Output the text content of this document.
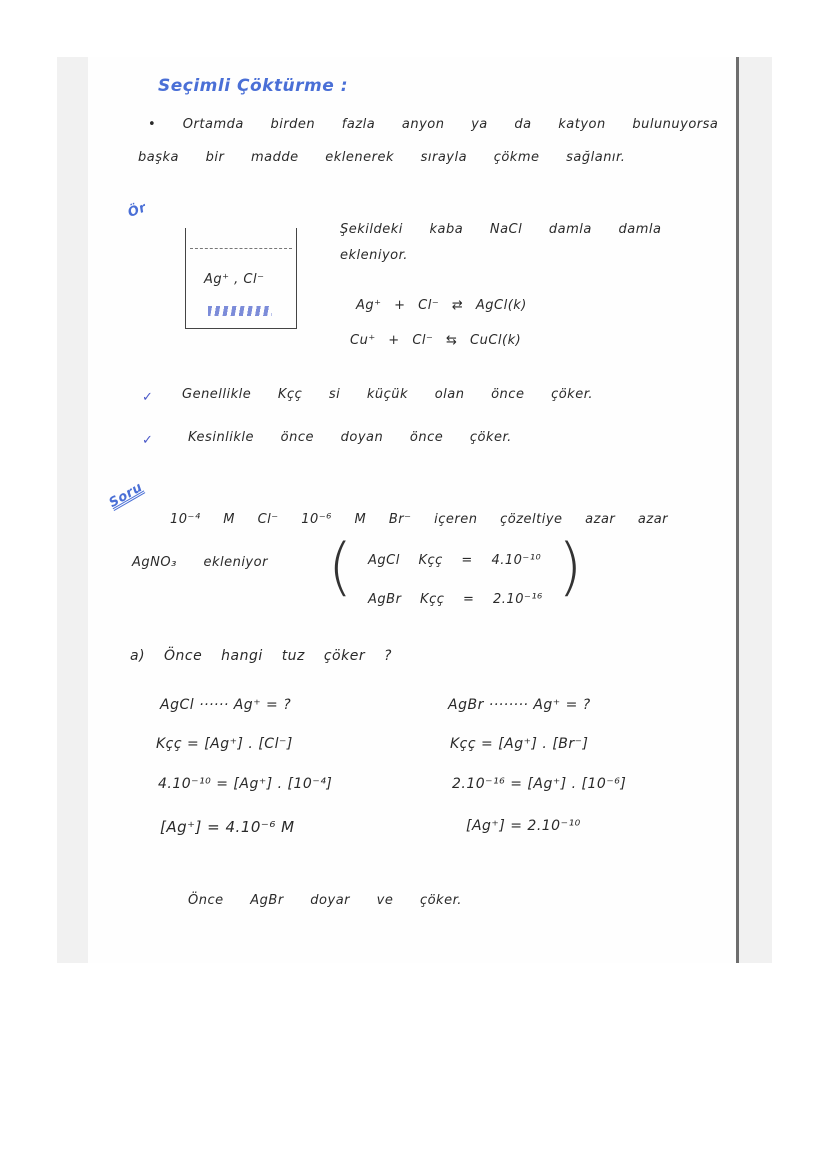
Seçimli Çöktürme :
• Ortamda birden fazla anyon ya da katyon bulunuyorsa
başka bir madde eklenerek sırayla çökme sağlanır.
Ör
Ag⁺ , Cl⁻
Şekildeki kaba NaCl damla damla
ekleniyor.
Ag⁺ + Cl⁻ ⇄ AgCl(k)
Cu⁺ + Cl⁻ ⇆ CuCl(k)
✓ Genellikle Kçç si küçük olan önce çöker.
✓	Kesinlikle önce doyan önce çöker.
Soru
10⁻⁴ M Cl⁻ 10⁻⁶ M Br⁻ içeren çözeltiye azar azar
AgNO₃ ekleniyor (	)
AgCl Kçç = 4.10⁻¹⁰
AgBr Kçç = 2.10⁻¹⁶
a) Önce hangi tuz çöker ?
AgCl ······ Ag⁺ = ?
Kçç = [Ag⁺] . [Cl⁻]
4.10⁻¹⁰ = [Ag⁺] . [10⁻⁴]
[Ag⁺] = 4.10⁻⁶ M
AgBr ········ Ag⁺ = ?
Kçç = [Ag⁺] . [Br⁻]
2.10⁻¹⁶ = [Ag⁺] . [10⁻⁶]
[Ag⁺] = 2.10⁻¹⁰
Önce AgBr doyar ve çöker.
